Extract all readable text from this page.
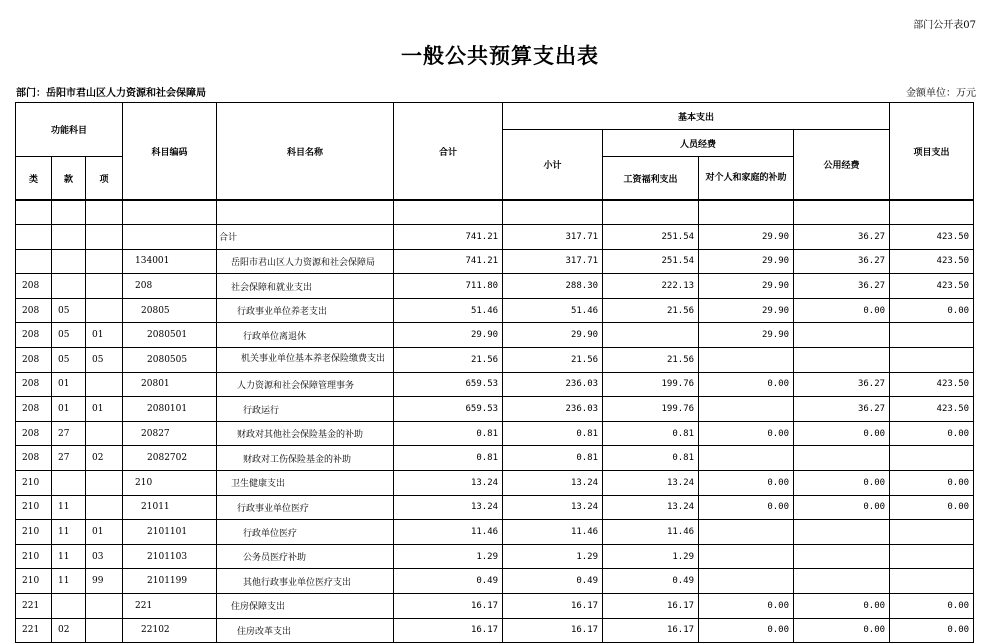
部门公开表07
一般公共预算支出表
部门：岳阳市君山区人力资源和社会保障局	金额单位：万元
功能科目			科目编码	科目名称	合计	基本支出				项目支出
						小计	人员经费		公用经费	
类	款	项					工资福利支出	对个人和家庭的补助		

				合计	741.21	317.71	251.54	29.90	36.27	423.50
			134001	岳阳市君山区人力资源和社会保障局	741.21	317.71	251.54	29.90	36.27	423.50
208			208	社会保障和就业支出	711.80	288.30	222.13	29.90	36.27	423.50
208	05		20805	行政事业单位养老支出	51.46	51.46	21.56	29.90	0.00	0.00
208	05	01	2080501	行政单位离退休	29.90	29.90		29.90		
208	05	05	2080505	机关事业单位基本养老保险缴费支出	21.56	21.56	21.56			
208	01		20801	人力资源和社会保障管理事务	659.53	236.03	199.76	0.00	36.27	423.50
208	01	01	2080101	行政运行	659.53	236.03	199.76		36.27	423.50
208	27		20827	财政对其他社会保险基金的补助	0.81	0.81	0.81	0.00	0.00	0.00
208	27	02	2082702	财政对工伤保险基金的补助	0.81	0.81	0.81			
210			210	卫生健康支出	13.24	13.24	13.24	0.00	0.00	0.00
210	11		21011	行政事业单位医疗	13.24	13.24	13.24	0.00	0.00	0.00
210	11	01	2101101	行政单位医疗	11.46	11.46	11.46			
210	11	03	2101103	公务员医疗补助	1.29	1.29	1.29			
210	11	99	2101199	其他行政事业单位医疗支出	0.49	0.49	0.49			
221			221	住房保障支出	16.17	16.17	16.17	0.00	0.00	0.00
221	02		22102	住房改革支出	16.17	16.17	16.17	0.00	0.00	0.00
